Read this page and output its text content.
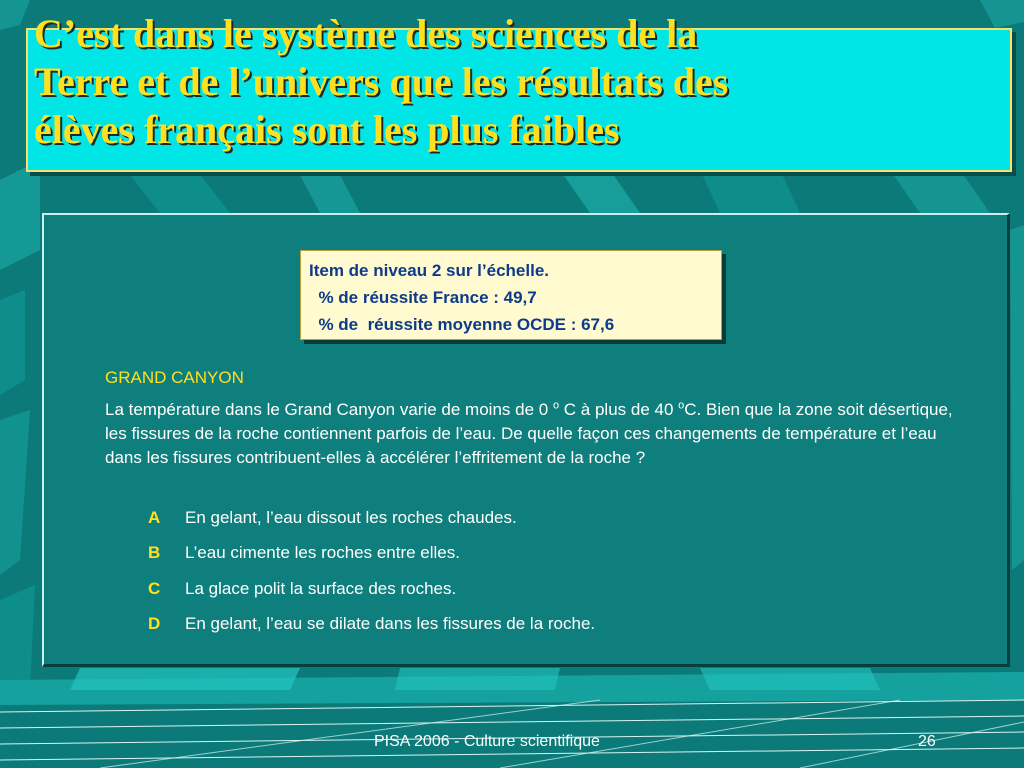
C’est dans le système des sciences de la
Terre et de l’univers que les résultats des
élèves français sont les plus faibles
Item de niveau 2 sur l’échelle.
% de réussite France : 49,7
% de  réussite moyenne OCDE : 67,6
GRAND CANYON

La température dans le Grand Canyon varie de moins de 0 $^o$ C à plus de 40 $^o$C. Bien que la zone soit désertique, les fissures de la roche contiennent parfois de l’eau. De quelle façon ces changements de température et l’eau dans les fissures contribuent-elles à accélérer l’effritement de la roche ?

A En gelant, l’eau dissout les roches chaudes.
B L’eau cimente les roches entre elles.
C La glace polit la surface des roches.
D En gelant, l’eau se dilate dans les fissures de la roche.
PISA 2006 - Culture scientifique	26
